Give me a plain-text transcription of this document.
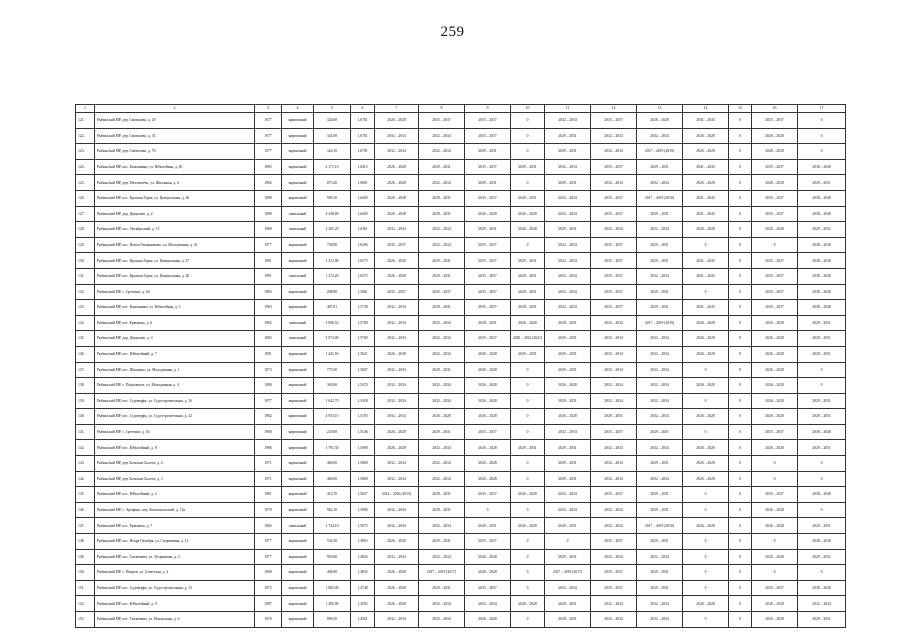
259
1	2	3	4	5	6	7	8	9	10	11	12	13	14	15	16	17
121.	Рыбинский МР, дер. Святилово, д. 29	1977	кирпичный	326,60	1,6781	2026 – 2028	2035 – 2037	2035 – 2037	0	2032 – 2034	2035 – 2037	2026 – 2028	2041 – 2043	0	2035 – 2037	0
122.	Рыбинский МР, дер. Святилово, д. 31	1977	кирпичный	341,00	1,6781	2032 – 2034	2032 – 2034	2035 – 2037	0	2029 – 2031	2032 – 2034	2032 – 2034	2026 – 2028	0	2026 – 2028	0
123.	Рыбинский МР, дер. Святилово, д. 76	1977	кирпичный	324,10	1,6781	2032 – 2034	2032 – 2034	2029 – 2031	0	2029 – 2031	2032 – 2034	2017 – 2019 (2019)	2026 – 2028	0	2026 – 2028	0
124.	Рыбинский МР, пос. Каменники, ул. Юбилейная, д. 20	1985	кирпичный	2 171,10	1,6415	2026 – 2028	2029 – 2031	2035 – 2037	2029 – 2031	2032 – 2034	2035 – 2037	2029 – 2031	2041 – 2043	0	2035 – 2037	2038 – 2040
125.	Рыбинский МР, дер. Мелентьево, ул. Школьная, д. 6	1982	кирпичный	873,40	1,6861	2026 – 2028	2032 – 2034	2029 – 2031	0	2029 – 2031	2032 – 2034	2032 – 2034	2026 – 2028	0	2026 – 2028	2029 – 2031
126.	Рыбинский МР, пос. Красная Горка, ул. Центральная, д. 28	1980	кирпичный	909,10	1,6450	2026 – 2028	2029 – 2031	2035 – 2037	2029 – 2031	2032 – 2034	2035 – 2037	2017 – 2019 (2019)	2041 – 2043	0	2035 – 2037	2038 – 2040
127.	Рыбинский МР, дер. Дюдьково, д. 2	1980	панельный	4 438,80	1,6450	2026 – 2028	2029 – 2031	2026 – 2028	2026 – 2028	2032 – 2034	2035 – 2037	2029 – 2031	2041 – 2043	0	2035 – 2037	2038 – 2040
128.	Рыбинский МР, пос. Октябрьский, д. 15	1980	панельный	2 305,20	1,6361	2032 – 2034	2032 – 2034	2029 – 2031	2026 – 2028	2029 – 2031	2032 – 2034	2032 – 2034	2026 – 2028	0	2026 – 2028	2029 – 2031
129.	Рыбинский МР, пос. Новое Овсянниково, ул. Молодежная, д. 41	1977	кирпичный	758,80	1,6296	2035 – 2037	2032 – 2034	2035 – 2037	0	2032 – 2034	2035 – 2037	2029 – 2031	0	0	0	2038 – 2040
130.	Рыбинский МР, пос. Красная Горка, ул. Центральная, д. 27	1981	кирпичный	1 272,90	1,6375	2026 – 2028	2029 – 2031	2035 – 2037	2029 – 2031	2032 – 2034	2035 – 2037	2029 – 2031	2041 – 2043	0	2035 – 2037	2038 – 2040
131.	Рыбинский МР, пос. Красная Горка, ул. Центральная, д. 28	1981	панельный	1 272,20	1,6375	2026 – 2028	2029 – 2031	2035 – 2037	2029 – 2031	2032 – 2034	2035 – 2037	2032 – 2034	2041 – 2043	0	2035 – 2037	2038 – 2040
132.	Рыбинский МР, с. Сретенье, д. 64	1983	кирпичный	298,80	1,5681	2035 – 2037	2035 – 2037	2035 – 2037	2029 – 2031	2032 – 2034	2035 – 2037	2029 – 2031	0	0	2035 – 2037	2038 – 2040
133.	Рыбинский МР, пос. Каменники, ул. Юбилейная, д. 5	1983	кирпичный	467,81	1,5738	2032 – 2034	2029 – 2031	2035 – 2037	2029 – 2031	2032 – 2034	2035 – 2037	2029 – 2031	2041 – 2043	0	2035 – 2037	2038 – 2040
134.	Рыбинский МР, пос. Ермаково, д. 6	1982	панельный	3 006,52	1,5700	2032 – 2034	2032 – 2034	2029 – 2031	2026 – 2028	2029 – 2031	2032 – 2034	2017 – 2019 (2019)	2026 – 2028	0	2026 – 2028	2029 – 2031
135.	Рыбинский МР, дер. Дюдьково, д. 4	1982	панельный	3 073,00	1,5700	2032 – 2034	2032 – 2034	2035 – 2037	2020 – 2022 (2021)	2029 – 2031	2032 – 2034	2032 – 2034	2026 – 2028	0	2026 – 2028	2029 – 2031
136.	Рыбинский МР, пос. Юбилейный, д. 7	1981	кирпичный	1 441,50	1,5621	2026 – 2028	2032 – 2034	2026 – 2028	2029 – 2031	2029 – 2031	2032 – 2034	2032 – 2034	2026 – 2028	0	2026 – 2028	2029 – 2031
137.	Рыбинский МР, пос. Шашково, ул. Молодежная, д. 1	1973	кирпичный	770,30	1,5607	2032 – 2034	2029 – 2031	2026 – 2028	0	2029 – 2031	2032 – 2034	2032 – 2034	0	0	2026 – 2028	0
138.	Рыбинский МР, с. Покровское, ул. Молодежная, д. 4	1980	кирпичный	363,80	1,5470	2032 – 2034	2032 – 2034	2026 – 2028	0	2026 – 2028	2032 – 2034	2032 – 2034	2026 – 2028	0	2026 – 2028	0
139.	Рыбинский МР, пос. Судоверфь, ул. Судостроительная, д. 16	1977	кирпичный	1 642,70	1,5458	2032 – 2034	2032 – 2034	2026 – 2028	0	2029 – 2031	2032 – 2034	2032 – 2034	0	0	2026 – 2028	2029 – 2031
140.	Рыбинский МР, пос. Судоверфь, ул. Судостроительная, д. 22	1982	кирпичный	4 953,10	1,5193	2032 – 2034	2026 – 2028	2026 – 2028	0	2026 – 2028	2029 – 2031	2032 – 2034	2026 – 2028	0	2026 – 2028	2029 – 2031
141.	Рыбинский МР, с. Сретенье, д. 63	1980	кирпичный	229,00	1,5146	2026 – 2028	2029 – 2031	2035 – 2037	0	2032 – 2034	2035 – 2037	2029 – 2031	0	0	2035 – 2037	2038 – 2040
142.	Рыбинский МР, пос. Юбилейный, д. 8	1986	кирпичный	1 791,30	1,5080	2026 – 2028	2032 – 2034	2026 – 2028	2029 – 2031	2029 – 2031	2032 – 2034	2032 – 2034	2026 – 2028	0	2026 – 2028	2029 – 2031
143.	Рыбинский МР, дер. Большие Болота, д. 4	1971	кирпичный	460,00	1,5060	2032 – 2034	2032 – 2034	2026 – 2028	0	2029 – 2031	2032 – 2034	2029 – 2031	2026 – 2028	0	0	0
144.	Рыбинский МР, дер. Большие Болота, д. 3	1971	кирпичный	460,00	1,5060	2032 – 2034	2032 – 2034	2026 – 2028	0	2029 – 2031	2032 – 2034	2032 – 2034	2026 – 2028	0	0	0
145.	Рыбинский МР, пос. Юбилейный, д. 2	1981	кирпичный	413,70	1,5037	2014 – 2016 (2015)	2029 – 2031	2035 – 2037	2026 – 2028	2032 – 2034	2035 – 2037	2029 – 2031	0	0	2035 – 2037	2038 – 2040
146.	Рыбинский МР, с. Арефино, пер. Комсомольский, д. 13а	1979	кирпичный	962,10	1,5006	2032 – 2034	2029 – 2031	0	0	2032 – 2034	2032 – 2034	2029 – 2031	0	0	2026 – 2028	0
147.	Рыбинский МР, пос. Ермаково, д. 7	1965	панельный	1 744,10	1,5075	2032 – 2034	2032 – 2034	2029 – 2031	2026 – 2028	2029 – 2031	2032 – 2034	2017 – 2019 (2019)	2026 – 2028	0	2026 – 2028	2029 – 2031
148.	Рыбинский МР, пос. Искра Октября, ул. Спортивная, д. 12	1977	кирпичный	532,50	1,4963	2026 – 2028	2029 – 2031	2035 – 2037	0	0	2035 – 2037	2029 – 2031	0	0	0	2038 – 2040
149.	Рыбинский МР, пос. Тихменево, ул. Тутаринова, д. 4	1977	кирпичный	903,60	1,4844	2032 – 2034	2032 – 2034	2026 – 2028	0	2029 – 2031	2032 – 2034	2032 – 2034	0	0	2026 – 2028	2029 – 2031
150.	Рыбинский МР, с. Покров, ул. Советская, д. 4	1968	кирпичный	406,90	1,4835	2026 – 2028	2017 – 2019 (2017)	2026 – 2028	0	2017 – 2019 (2017)	2035 – 2037	2029 – 2031	0	0	0	0
151.	Рыбинский МР, пос. Судоверфь, ул. Судостроительная, д. 15	1975	кирпичный	1 682,00	1,4748	2026 – 2028	2029 – 2031	2035 – 2037	0	2032 – 2034	2035 – 2037	2029 – 2031	0	0	2035 – 2037	2038 – 2040
152.	Рыбинский МР, пос. Юбилейный, д. 9	1987	кирпичный	1 485,90	1,4593	2026 – 2028	2032 – 2034	2032 – 2034	2026 – 2028	2029 – 2031	2032 – 2034	2032 – 2034	2026 – 2028	0	2026 – 2028	2032 – 2034
153.	Рыбинский МР, пос. Тихменево, ул. Вокзальная, д. 6	1976	кирпичный	890,50	1,4561	2032 – 2034	2032 – 2034	2026 – 2028	0	2029 – 2031	2032 – 2034	2032 – 2034	0	0	2026 – 2028	2029 – 2031
